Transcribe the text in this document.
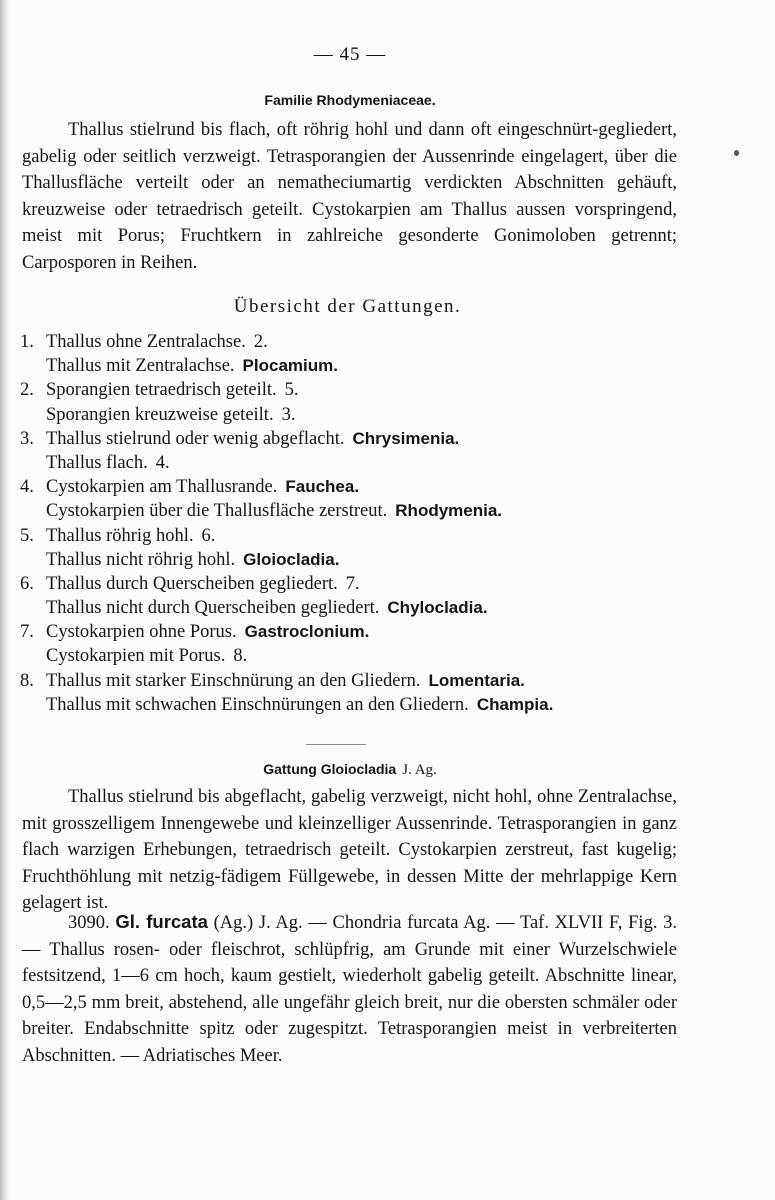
— 45 —
Familie Rhodymeniaceae.
Thallus stielrund bis flach, oft röhrig hohl und dann oft eingeschnürt-gegliedert, gabelig oder seitlich verzweigt. Tetrasporangien der Aussenrinde eingelagert, über die Thallusfläche verteilt oder an nematheciumartig verdickten Abschnitten gehäuft, kreuzweise oder tetraedrisch geteilt. Cystokarpien am Thallus aussen vorspringend, meist mit Porus; Fruchtkern in zahlreiche gesonderte Gonimoloben getrennt; Carposporen in Reihen.
Übersicht der Gattungen.
1. Thallus ohne Zentralachse. 2.
Thallus mit Zentralachse. Plocamium.
2. Sporangien tetraedrisch geteilt. 5.
Sporangien kreuzweise geteilt. 3.
3. Thallus stielrund oder wenig abgeflacht. Chrysimenia.
Thallus flach. 4.
4. Cystokarpien am Thallusrande. Fauchea.
Cystokarpien über die Thallusfläche zerstreut. Rhodymenia.
5. Thallus röhrig hohl. 6.
Thallus nicht röhrig hohl. Gloiocladia.
6. Thallus durch Querscheiben gegliedert. 7.
Thallus nicht durch Querscheiben gegliedert. Chylocladia.
7. Cystokarpien ohne Porus. Gastroclonium.
Cystokarpien mit Porus. 8.
8. Thallus mit starker Einschnürung an den Gliedern. Lomentaria.
Thallus mit schwachen Einschnürungen an den Gliedern. Champia.
Gattung Gloiocladia J. Ag.
Thallus stielrund bis abgeflacht, gabelig verzweigt, nicht hohl, ohne Zentralachse, mit grosszelligem Innengewebe und kleinzelliger Aussenrinde. Tetrasporangien in ganz flach warzigen Erhebungen, tetraedrisch geteilt. Cystokarpien zerstreut, fast kugelig; Fruchthöhlung mit netzig-fädigem Füllgewebe, in dessen Mitte der mehrlappige Kern gelagert ist.
3090. Gl. furcata (Ag.) J. Ag. — Chondria furcata Ag. — Taf. XLVII F, Fig. 3. — Thallus rosen- oder fleischrot, schlüpfrig, am Grunde mit einer Wurzelschwiele festsitzend, 1—6 cm hoch, kaum gestielt, wiederholt gabelig geteilt. Abschnitte linear, 0,5—2,5 mm breit, abstehend, alle ungefähr gleich breit, nur die obersten schmäler oder breiter. Endabschnitte spitz oder zugespitzt. Tetrasporangien meist in verbreiterten Abschnitten. — Adriatisches Meer.
